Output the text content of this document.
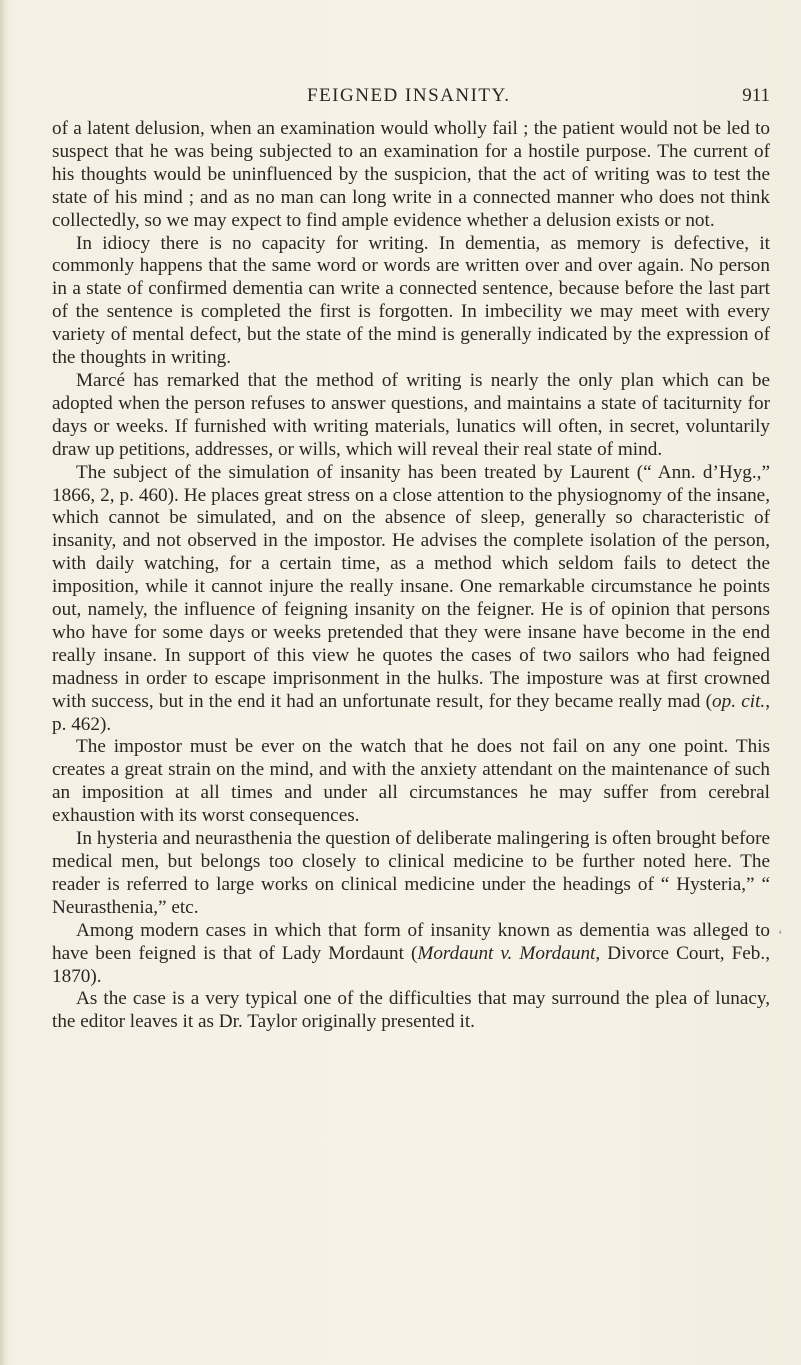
FEIGNED INSANITY.	911

of a latent delusion, when an examination would wholly fail ; the patient would not be led to suspect that he was being subjected to an examination for a hostile purpose. The current of his thoughts would be uninfluenced by the suspicion, that the act of writing was to test the state of his mind ; and as no man can long write in a connected manner who does not think collectedly, so we may expect to find ample evidence whether a delusion exists or not.

In idiocy there is no capacity for writing. In dementia, as memory is defective, it commonly happens that the same word or words are written over and over again. No person in a state of confirmed dementia can write a connected sentence, because before the last part of the sentence is completed the first is forgotten. In imbecility we may meet with every variety of mental defect, but the state of the mind is generally indicated by the expression of the thoughts in writing.

Marcé has remarked that the method of writing is nearly the only plan which can be adopted when the person refuses to answer questions, and maintains a state of taciturnity for days or weeks. If furnished with writing materials, lunatics will often, in secret, voluntarily draw up petitions, addresses, or wills, which will reveal their real state of mind.

The subject of the simulation of insanity has been treated by Laurent (“ Ann. d’Hyg.,” 1866, 2, p. 460). He places great stress on a close attention to the physiognomy of the insane, which cannot be simulated, and on the absence of sleep, generally so characteristic of insanity, and not observed in the impostor. He advises the complete isolation of the person, with daily watching, for a certain time, as a method which seldom fails to detect the imposition, while it cannot injure the really insane. One remarkable circumstance he points out, namely, the influence of feigning insanity on the feigner. He is of opinion that persons who have for some days or weeks pretended that they were insane have become in the end really insane. In support of this view he quotes the cases of two sailors who had feigned madness in order to escape imprisonment in the hulks. The imposture was at first crowned with success, but in the end it had an unfortunate result, for they became really mad (op. cit., p. 462).

The impostor must be ever on the watch that he does not fail on any one point. This creates a great strain on the mind, and with the anxiety attendant on the maintenance of such an imposition at all times and under all circumstances he may suffer from cerebral exhaustion with its worst consequences.

In hysteria and neurasthenia the question of deliberate malingering is often brought before medical men, but belongs too closely to clinical medicine to be further noted here. The reader is referred to large works on clinical medicine under the headings of “ Hysteria,” “ Neurasthenia,” etc.

Among modern cases in which that form of insanity known as dementia was alleged to have been feigned is that of Lady Mordaunt (Mordaunt v. Mordaunt, Divorce Court, Feb., 1870).

As the case is a very typical one of the difficulties that may surround the plea of lunacy, the editor leaves it as Dr. Taylor originally presented it.

‘
